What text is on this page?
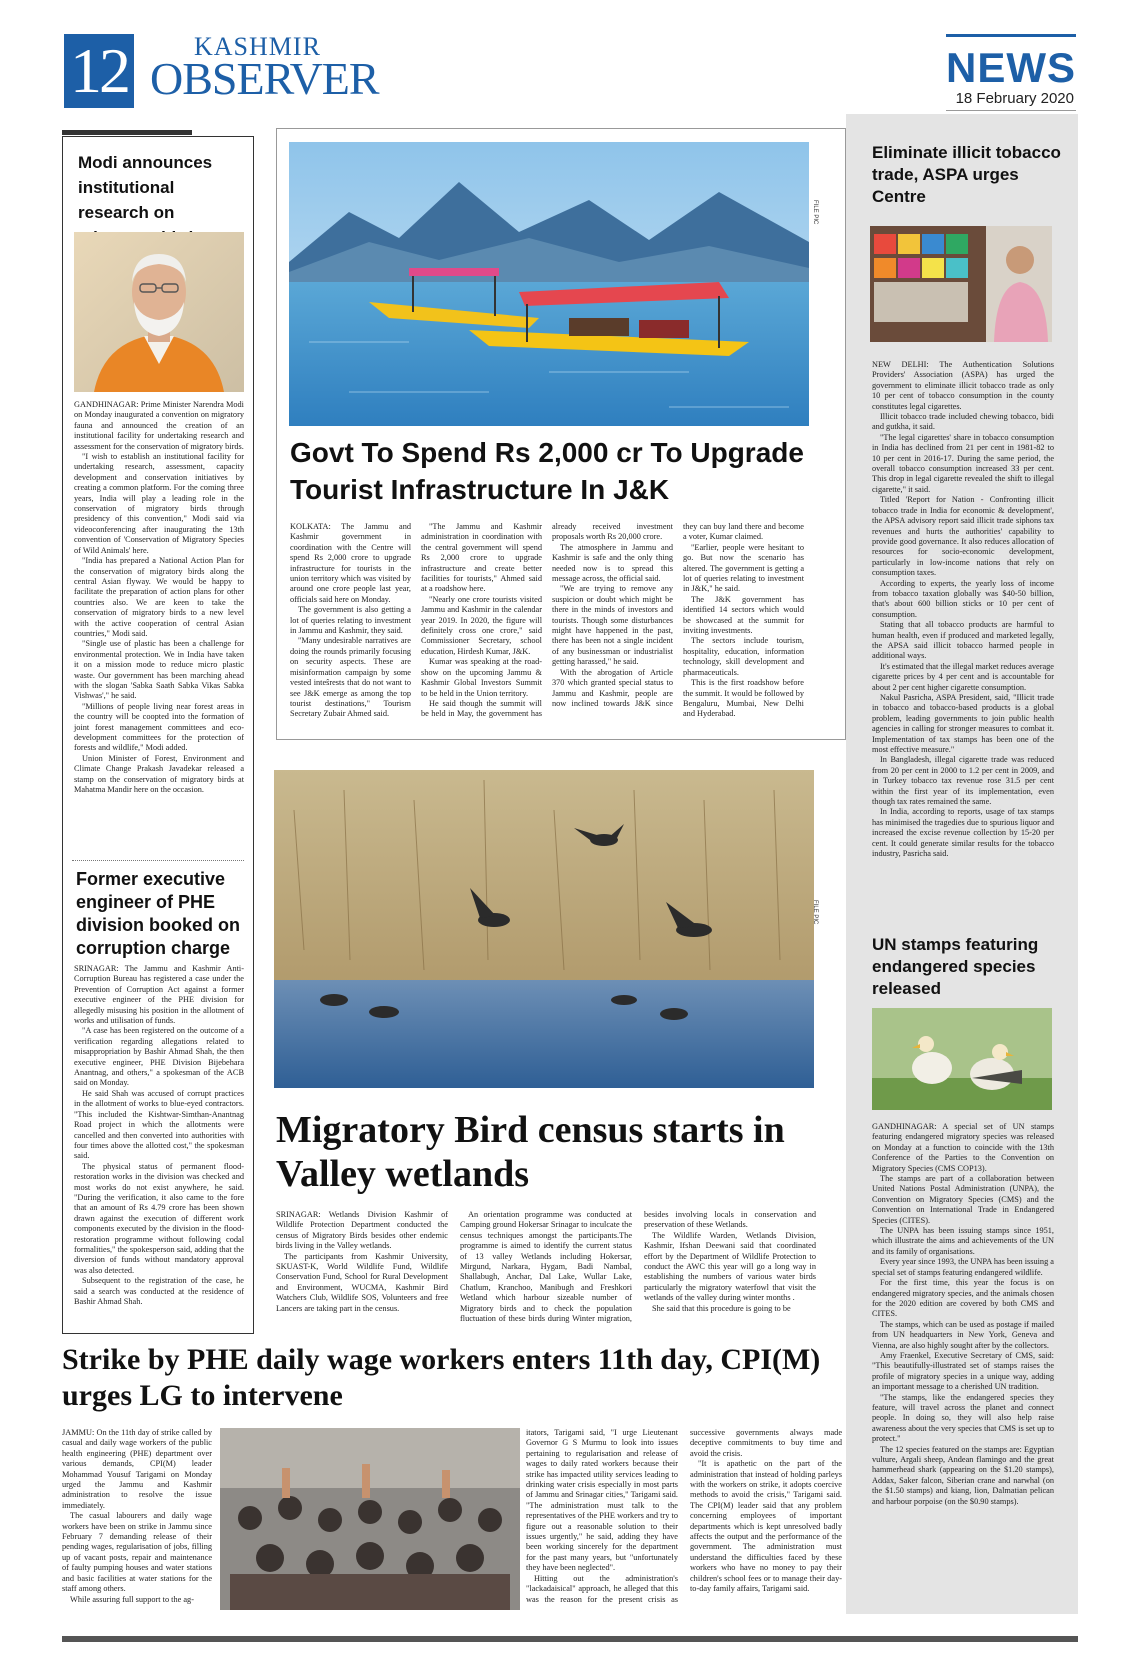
12	KASHMIR
OBSERVER	NEWS
18 February 2020
Modi announces institutional research on

GANDHINAGAR: Prime Minister Narendra Modi on Monday inaugurated a convention on migratory fauna and announced the creation of an institutional facility for undertaking research and assessment for the conservation of migratory birds.

"I wish to establish an institutional facility for undertaking research, assessment, capacity development and conservation initiatives by creating a common platform. For the coming three years, India will play a leading role in the conservation of migratory birds through presidency of this convention," Modi said via videoconferencing after inaugurating the 13th convention of 'Conservation of Migratory Species of Wild Animals' here.

"India has prepared a National Action Plan for the conservation of migratory birds along the central Asian flyway. We would be happy to facilitate the preparation of action plans for other countries also. We are keen to take the conservation of migratory birds to a new level with the active cooperation of central Asian countries," Modi said.

"Single use of plastic has been a challenge for environmental protection. We in India have taken it on a mission mode to reduce micro plastic waste. Our government has been marching ahead with the slogan 'Sabka Saath Sabka Vikas Sabka Vishwas'," he said.

"Millions of people living near forest areas in the country will be coopted into the formation of joint forest management committees and eco-development committees for the protection of forests and wildlife," Modi added.

Union Minister of Forest, Environment and Climate Change Prakash Javadekar released a stamp on the conservation of migratory birds at Mahatma Mandir here on the occasion.

Former executive engineer of PHE division booked on corruption charge

SRINAGAR: The Jammu and Kashmir Anti-Corruption Bureau has registered a case under the Prevention of Corruption Act against a former executive engineer of the PHE division for allegedly misusing his position in the allotment of works and utilisation of funds.

"A case has been registered on the outcome of a verification regarding allegations related to misappropriation by Bashir Ahmad Shah, the then executive engineer, PHE Division Bijebehara Anantnag, and others," a spokesman of the ACB said on Monday.

He said Shah was accused of corrupt practices in the allotment of works to blue-eyed contractors. "This included the Kishtwar-Simthan-Anantnag Road project in which the allotments were cancelled and then converted into authorities with four times above the allotted cost," the spokesman said.

The physical status of permanent flood-restoration works in the division was checked and most works do not exist anywhere, he said. "During the verification, it also came to the fore that an amount of Rs 4.79 crore has been shown drawn against the execution of different work components executed by the division in the flood-restoration programme without following codal formalities," the spokesperson said, adding that the diversion of funds without mandatory approval was also detected.

Subsequent to the registration of the case, he said a search was conducted at the residence of Bashir Ahmad Shah.

FILE PIC
Govt To Spend Rs 2,000 cr To Upgrade Tourist Infrastructure In J&K

KOLKATA: The Jammu and Kashmir government in coordination with the Centre will spend Rs 2,000 crore to upgrade infrastructure for tourists in the union territory which was visited by around one crore people last year, officials said here on Monday.

The government is also getting a lot of queries relating to investment in Jammu and Kashmir, they said.

"Many undesirable narratives are doing the rounds primarily focusing on security aspects. These are misinformation campaign by some vested inteŝrests that do not want to see J&K emerge as among the top tourist destinations," Tourism Secretary Zubair Ahmed said.

"The Jammu and Kashmir administration in coordination with the central government will spend Rs 2,000 crore to upgrade infrastructure and create better facilities for tourists," Ahmed said at a roadshow here.

"Nearly one crore tourists visited Jammu and Kashmir in the calendar year 2019. In 2020, the figure will definitely cross one crore," said Commissioner Secretary, school education, Hirdesh Kumar, J&K.

Kumar was speaking at the road-show on the upcoming Jammu & Kashmir Global Investors Summit to be held in the Union territory.

He said though the summit will be held in May, the government has already received investment proposals worth Rs 20,000 crore.

The atmosphere in Jammu and Kashmir is safe and the only thing needed now is to spread this message across, the official said.

"We are trying to remove any suspicion or doubt which might be there in the minds of investors and tourists. Though some disturbances might have happened in the past, there has been not a single incident of any businessman or industrialist getting harassed," he said.

With the abrogation of Article 370 which granted special status to Jammu and Kashmir, people are now inclined towards J&K since they can buy land there and become a voter, Kumar claimed.

"Earlier, people were hesitant to go. But now the scenario has altered. The government is getting a lot of queries relating to investment in J&K," he said.

The J&K government has identified 14 sectors which would be showcased at the summit for inviting investments.

The sectors include tourism, hospitality, education, information technology, skill development and pharmaceuticals.

This is the first roadshow before the summit. It would be followed by Bengaluru, Mumbai, New Delhi and Hyderabad.

FILE PIC
Migratory Bird census starts in Valley wetlands

SRINAGAR: Wetlands Division Kashmir of Wildlife Protection Department conducted the census of Migratory Birds besides other endemic birds living in the Valley wetlands.

The participants from Kashmir University, SKUAST-K, World Wildlife Fund, Wildlife Conservation Fund, School for Rural Development and Environment, WUCMA, Kashmir Bird Watchers Club, Wildlife SOS, Volunteers and free Lancers are taking part in the census.

An orientation programme was conducted at Camping ground Hokersar Srinagar to inculcate the census techniques amongst the participants.The programme is aimed to identify the current status of 13 valley Wetlands including Hokersar, Mirgund, Narkara, Hygam, Badi Nambal, Shallabugh, Anchar, Dal Lake, Wullar Lake, Chatlum, Kranchoo, Manibugh and Freshkori Wetland which harbour sizeable number of Migratory birds and to check the population fluctuation of these birds during Winter migration, besides involving locals in conservation and preservation of these Wetlands.

The Wildlife Warden, Wetlands Division, Kashmir, Ifshan Deewani said that coordinated effort by the Department of Wildlife Protection to conduct the AWC this year will go a long way in establishing the numbers of various water birds particularly the migratory waterfowl that visit the wetlands of the valley during winter months .

She said that this procedure is going to be

Strike by PHE daily wage workers enters 11th day, CPI(M) urges LG to intervene

JAMMU: On the 11th day of strike called by casual and daily wage workers of the public health engineering (PHE) department over various demands, CPI(M) leader Mohammad Yousuf Tarigami on Monday urged the Jammu and Kashmir administration to resolve the issue immediately.

The casual labourers and daily wage workers have been on strike in Jammu since February 7 demanding release of their pending wages, regularisation of jobs, filling up of vacant posts, repair and maintenance of faulty pumping houses and water stations and basic facilities at water stations for the staff among others.

While assuring full support to the ag-

itators, Tarigami said, "I urge Lieutenant Governor G S Murmu to look into issues pertaining to regularisation and release of wages to daily rated workers because their strike has impacted utility services leading to drinking water crisis especially in most parts of Jammu and Srinagar cities," Tarigami said. "The administration must talk to the representatives of the PHE workers and try to figure out a reasonable solution to their issues urgently," he said, adding they have been working sincerely for the department for the past many years, but "unfortunately they have been neglected".

Hitting out the administration's "lackadaisical" approach, he alleged that this was the reason for the present crisis as successive governments always made deceptive commitments to buy time and avoid the crisis.

"It is apathetic on the part of the administration that instead of holding parleys with the workers on strike, it adopts coercive methods to avoid the crisis," Tarigami said. The CPI(M) leader said that any problem concerning employees of important departments which is kept unresolved badly affects the output and the performance of the government. The administration must understand the difficulties faced by these workers who have no money to pay their children's school fees or to manage their day-to-day family affairs, Tarigami said.

Eliminate illicit tobacco trade, ASPA urges Centre

NEW DELHI: The Authentication Solutions Providers' Association (ASPA) has urged the government to eliminate illicit tobacco trade as only 10 per cent of tobacco consumption in the county constitutes legal cigarettes.

Illicit tobacco trade included chewing tobacco, bidi and gutkha, it said.

"The legal cigarettes' share in tobacco consumption in India has declined from 21 per cent in 1981-82 to 10 per cent in 2016-17. During the same period, the overall tobacco consumption increased 33 per cent. This drop in legal cigarette revealed the shift to illegal cigarette," it said.

Titled 'Report for Nation - Confronting illicit tobacco trade in India for economic & development', the APSA advisory report said illicit trade siphons tax revenues and hurts the authorities' capability to provide good governance. It also reduces allocation of resources for socio-economic development, particularly in low-income nations that rely on consumption taxes.

According to experts, the yearly loss of income from tobacco taxation globally was $40-50 billion, that's about 600 billion sticks or 10 per cent of consumption.

Stating that all tobacco products are harmful to human health, even if produced and marketed legally, the APSA said illicit tobacco harmed people in additional ways.

It's estimated that the illegal market reduces average cigarette prices by 4 per cent and is accountable for about 2 per cent higher cigarette consumption.

Nakul Pasricha, ASPA President, said, "Illicit trade in tobacco and tobacco-based products is a global problem, leading governments to join public health agencies in calling for stronger measures to combat it. Implementation of tax stamps has been one of the most effective measure."

In Bangladesh, illegal cigarette trade was reduced from 20 per cent in 2000 to 1.2 per cent in 2009, and in Turkey tobacco tax revenue rose 31.5 per cent within the first year of its implementation, even though tax rates remained the same.

In India, according to reports, usage of tax stamps has minimised the tragedies due to spurious liquor and increased the excise revenue collection by 15-20 per cent. It could generate similar results for the tobacco industry, Pasricha said.

UN stamps featuring endangered species released

GANDHINAGAR: A special set of UN stamps featuring endangered migratory species was released on Monday at a function to coincide with the 13th Conference of the Parties to the Convention on Migratory Species (CMS COP13).

The stamps are part of a collaboration between United Nations Postal Administration (UNPA), the Convention on Migratory Species (CMS) and the Convention on International Trade in Endangered Species (CITES).

The UNPA has been issuing stamps since 1951, which illustrate the aims and achievements of the UN and its family of organisations.

Every year since 1993, the UNPA has been issuing a special set of stamps featuring endangered wildlife.

For the first time, this year the focus is on endangered migratory species, and the animals chosen for the 2020 edition are covered by both CMS and CITES.

The stamps, which can be used as postage if mailed from UN headquarters in New York, Geneva and Vienna, are also highly sought after by the collectors.

Amy Fraenkel, Executive Secretary of CMS, said: "This beautifully-illustrated set of stamps raises the profile of migratory species in a unique way, adding an important message to a cherished UN tradition.

"The stamps, like the endangered species they feature, will travel across the planet and connect people. In doing so, they will also help raise awareness about the very species that CMS is set up to protect."

The 12 species featured on the stamps are: Egyptian vulture, Argali sheep, Andean flamingo and the great hammerhead shark (appearing on the $1.20 stamps), Addax, Saker falcon, Siberian crane and narwhal (on the $1.50 stamps) and kiang, lion, Dalmatian pelican and harbour porpoise (on the $0.90 stamps).
